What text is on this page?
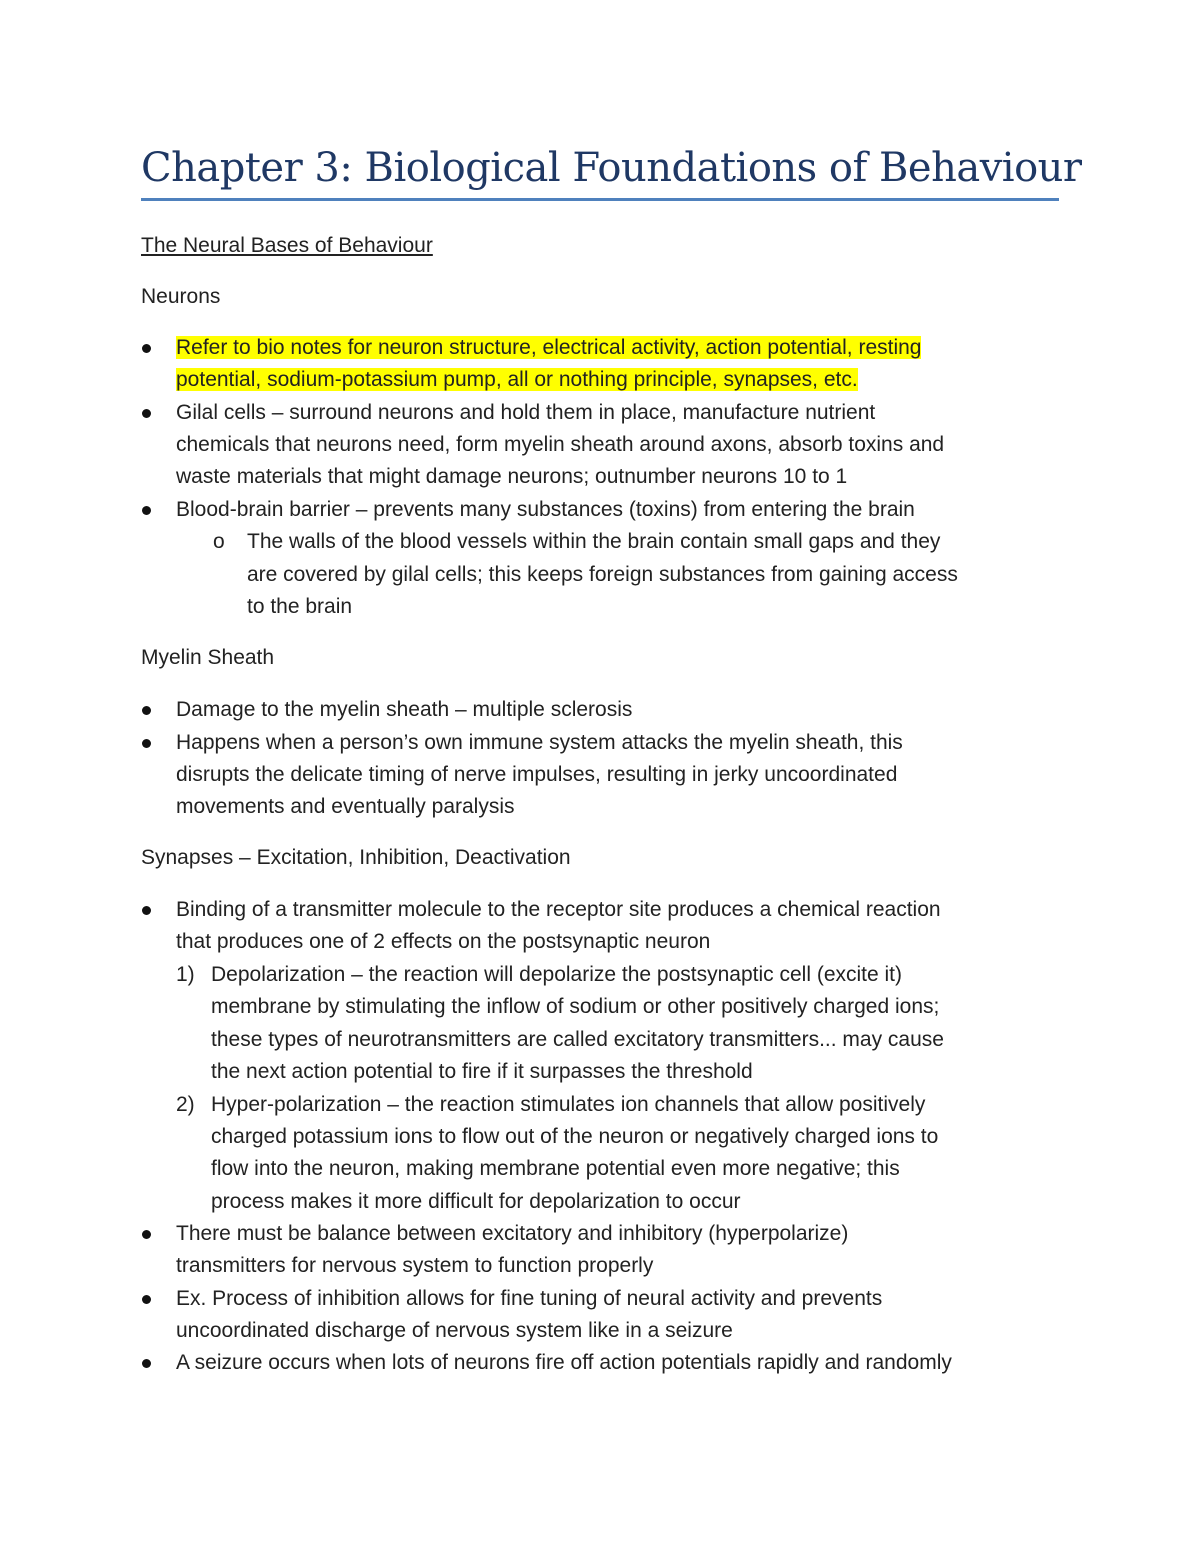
Chapter 3: Biological Foundations of Behaviour
The Neural Bases of Behaviour
Neurons
Refer to bio notes for neuron structure, electrical activity, action potential, resting
potential, sodium-potassium pump, all or nothing principle, synapses, etc.
Gilal cells – surround neurons and hold them in place, manufacture nutrient
chemicals that neurons need, form myelin sheath around axons, absorb toxins and
waste materials that might damage neurons; outnumber neurons 10 to 1
Blood-brain barrier – prevents many substances (toxins) from entering the brain
o The walls of the blood vessels within the brain contain small gaps and they
are covered by gilal cells; this keeps foreign substances from gaining access
to the brain
Myelin Sheath
Damage to the myelin sheath – multiple sclerosis
Happens when a person’s own immune system attacks the myelin sheath, this
disrupts the delicate timing of nerve impulses, resulting in jerky uncoordinated
movements and eventually paralysis
Synapses – Excitation, Inhibition, Deactivation
Binding of a transmitter molecule to the receptor site produces a chemical reaction
that produces one of 2 effects on the postsynaptic neuron
1) Depolarization – the reaction will depolarize the postsynaptic cell (excite it)
membrane by stimulating the inflow of sodium or other positively charged ions;
these types of neurotransmitters are called excitatory transmitters... may cause
the next action potential to fire if it surpasses the threshold
2) Hyper-polarization – the reaction stimulates ion channels that allow positively
charged potassium ions to flow out of the neuron or negatively charged ions to
flow into the neuron, making membrane potential even more negative; this
process makes it more difficult for depolarization to occur
There must be balance between excitatory and inhibitory (hyperpolarize)
transmitters for nervous system to function properly
Ex. Process of inhibition allows for fine tuning of neural activity and prevents
uncoordinated discharge of nervous system like in a seizure
A seizure occurs when lots of neurons fire off action potentials rapidly and randomly
